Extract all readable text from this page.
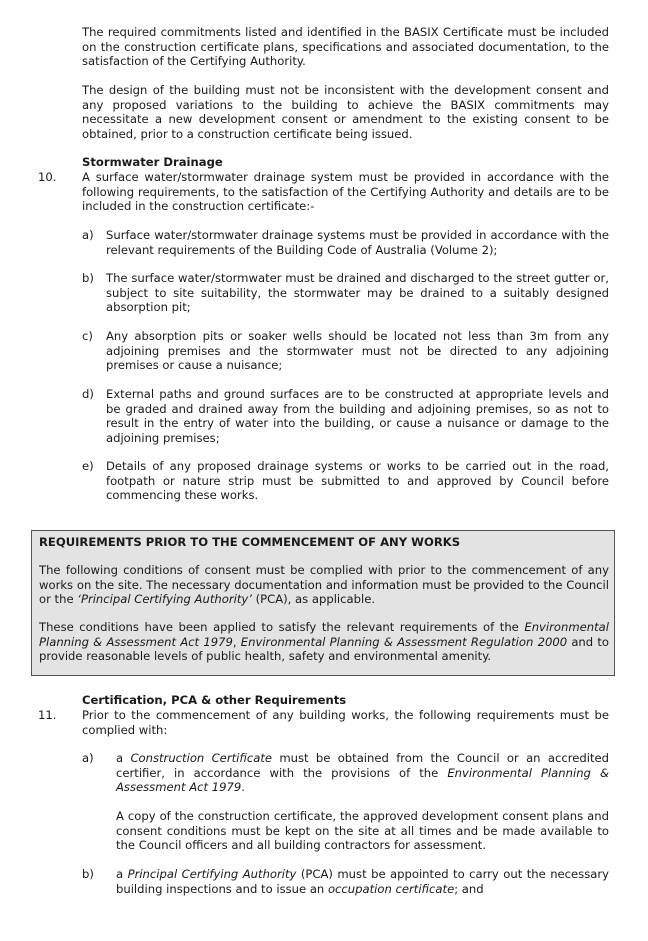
The required commitments listed and identified in the BASIX Certificate must be included on the construction certificate plans, specifications and associated documentation, to the satisfaction of the Certifying Authority.

The design of the building must not be inconsistent with the development consent and any proposed variations to the building to achieve the BASIX commitments may necessitate a new development consent or amendment to the existing consent to be obtained, prior to a construction certificate being issued.

Stormwater Drainage
10. A surface water/stormwater drainage system must be provided in accordance with the following requirements, to the satisfaction of the Certifying Authority and details are to be included in the construction certificate:-

a) Surface water/stormwater drainage systems must be provided in accordance with the relevant requirements of the Building Code of Australia (Volume 2);

b) The surface water/stormwater must be drained and discharged to the street gutter or, subject to site suitability, the stormwater may be drained to a suitably designed absorption pit;

c) Any absorption pits or soaker wells should be located not less than 3m from any adjoining premises and the stormwater must not be directed to any adjoining premises or cause a nuisance;

d) External paths and ground surfaces are to be constructed at appropriate levels and be graded and drained away from the building and adjoining premises, so as not to result in the entry of water into the building, or cause a nuisance or damage to the adjoining premises;

e) Details of any proposed drainage systems or works to be carried out in the road, footpath or nature strip must be submitted to and approved by Council before commencing these works.

REQUIREMENTS PRIOR TO THE COMMENCEMENT OF ANY WORKS

The following conditions of consent must be complied with prior to the commencement of any works on the site. The necessary documentation and information must be provided to the Council or the ‘Principal Certifying Authority’ (PCA), as applicable.

These conditions have been applied to satisfy the relevant requirements of the Environmental Planning & Assessment Act 1979, Environmental Planning & Assessment Regulation 2000 and to provide reasonable levels of public health, safety and environmental amenity.

Certification, PCA & other Requirements
11. Prior to the commencement of any building works, the following requirements must be complied with:

a) a Construction Certificate must be obtained from the Council or an accredited certifier, in accordance with the provisions of the Environmental Planning & Assessment Act 1979.

A copy of the construction certificate, the approved development consent plans and consent conditions must be kept on the site at all times and be made available to the Council officers and all building contractors for assessment.

b) a Principal Certifying Authority (PCA) must be appointed to carry out the necessary building inspections and to issue an occupation certificate; and
